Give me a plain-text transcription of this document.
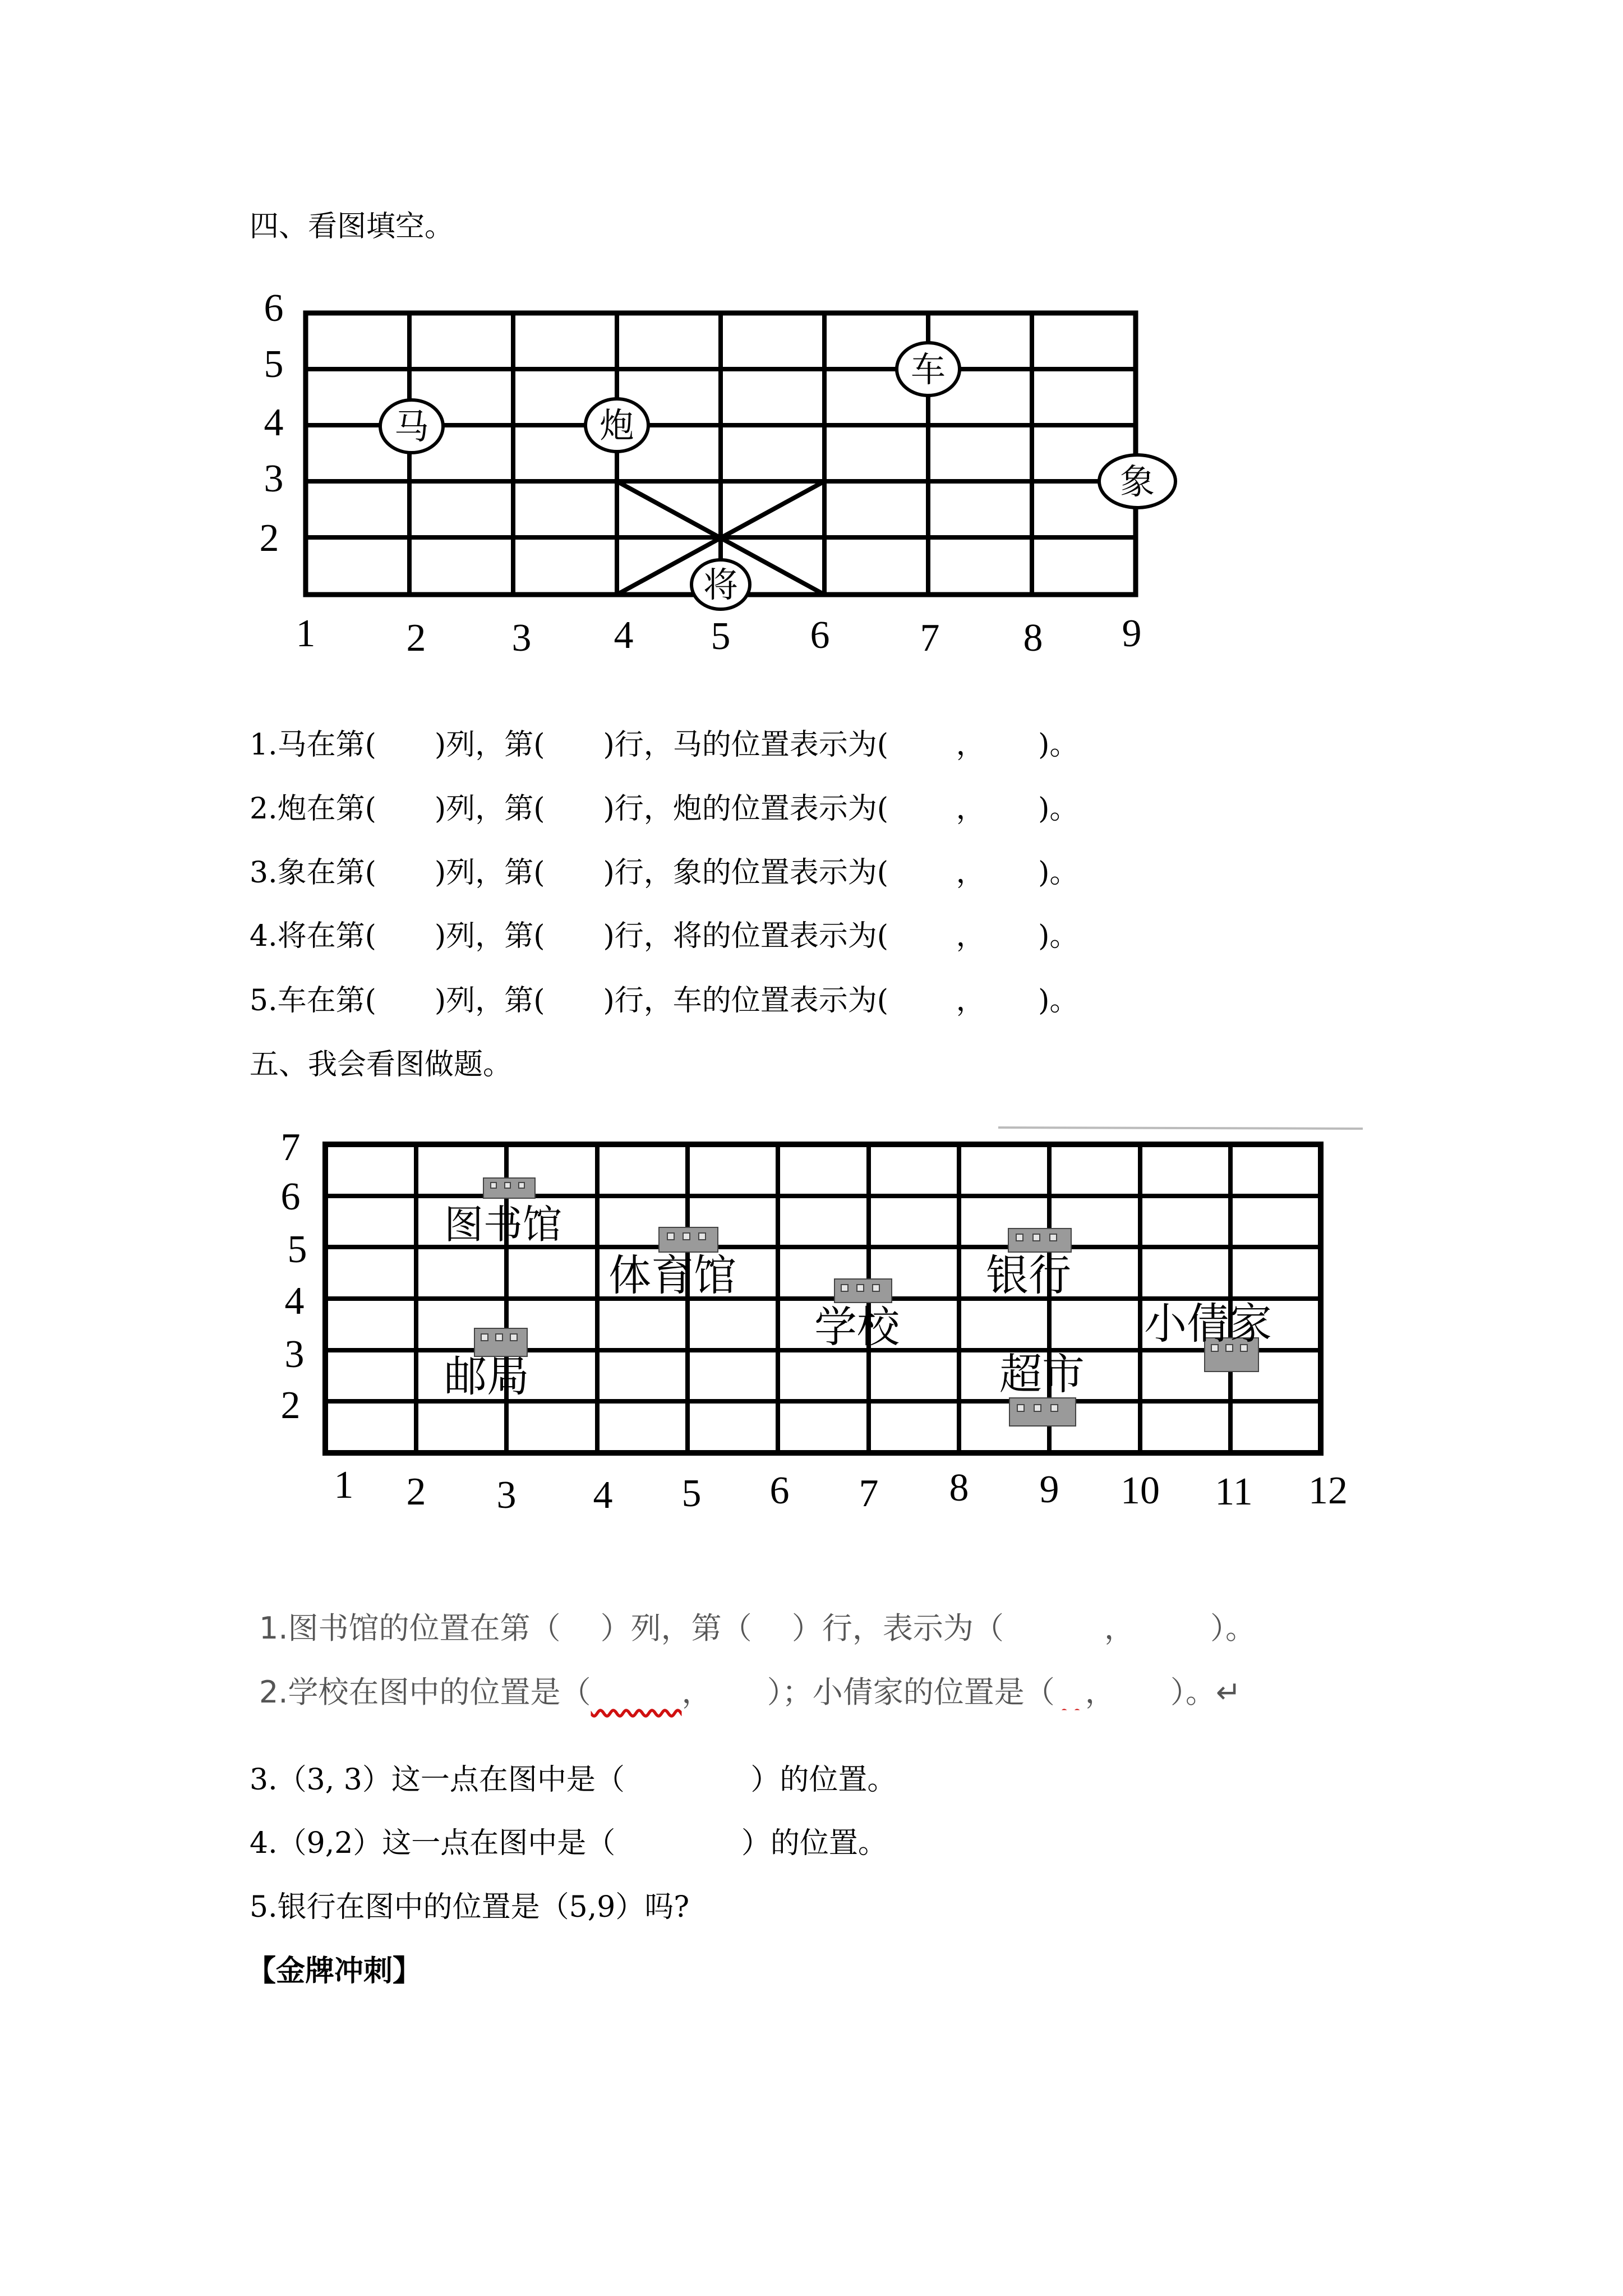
四、看图填空。
6
5
4
3
2
1 2 3 4 5 6 7 8 9
马	炮
车
象
将
1.马在第(　　)列，第(　　)行，马的位置表示为(　　 ，　　 )。
2.炮在第(　　)列，第(　　)行，炮的位置表示为(　　 ，　　 )。
3.象在第(　　)列，第(　　)行，象的位置表示为(　　 ，　　 )。
4.将在第(　　)列，第(　　)行，将的位置表示为(　　 ，　　 )。
5.车在第(　　)列，第(　　)行，车的位置表示为(　　 ，　　 )。
五、我会看图做题。
7
6
5
4
3
2
1 2 3 4 5 6 7 8 9 10 11 12
图书馆
体育馆	银行
学校	小倩家
邮局	超市
1.图书馆的位置在第（　 ）列，第（　 ）行，表示为（　　　 ，　　　）。
2.学校在图中的位置是（　　　	，　　 ）；小倩家的位置是（　 ，　　 ）。↵
3.（3, 3）这一点在图中是（　　　　 ）的位置。
4.（9,2）这一点在图中是（　　　　 ）的位置。
5.银行在图中的位置是（5,9）吗?
【金牌冲刺】
